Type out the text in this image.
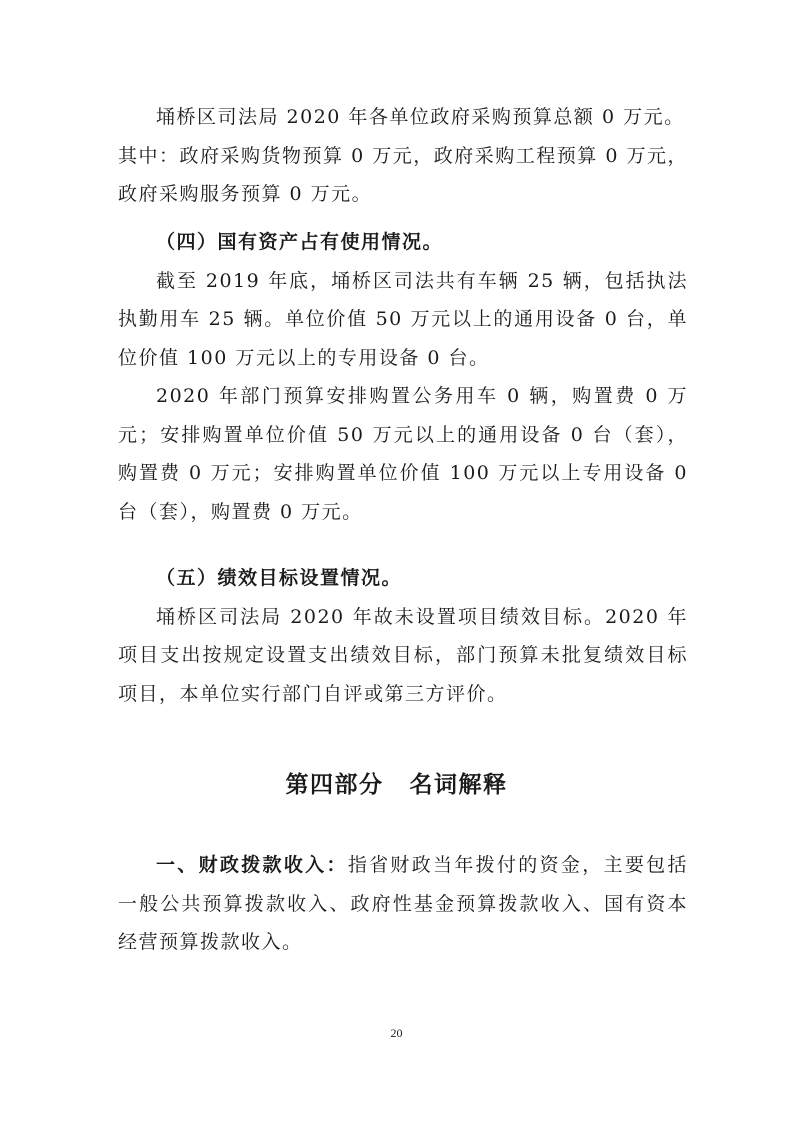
埇桥区司法局 2020 年各单位政府采购预算总额 0 万元。

其中：政府采购货物预算 0 万元，政府采购工程预算 0 万元，政府采购服务预算 0 万元。

（四）国有资产占有使用情况。

截至 2019 年底，埇桥区司法共有车辆 25 辆，包括执法执勤用车 25 辆。单位价值 50 万元以上的通用设备 0 台，单位价值 100 万元以上的专用设备 0 台。

2020 年部门预算安排购置公务用车 0 辆，购置费 0 万元；安排购置单位价值 50 万元以上的通用设备 0 台（套），购置费 0 万元；安排购置单位价值 100 万元以上专用设备 0 台（套），购置费 0 万元。

（五）绩效目标设置情况。

埇桥区司法局 2020 年故未设置项目绩效目标。2020 年项目支出按规定设置支出绩效目标，部门预算未批复绩效目标项目，本单位实行部门自评或第三方评价。

第四部分 名词解释

一、财政拨款收入：指省财政当年拨付的资金，主要包括一般公共预算拨款收入、政府性基金预算拨款收入、国有资本经营预算拨款收入。

20
